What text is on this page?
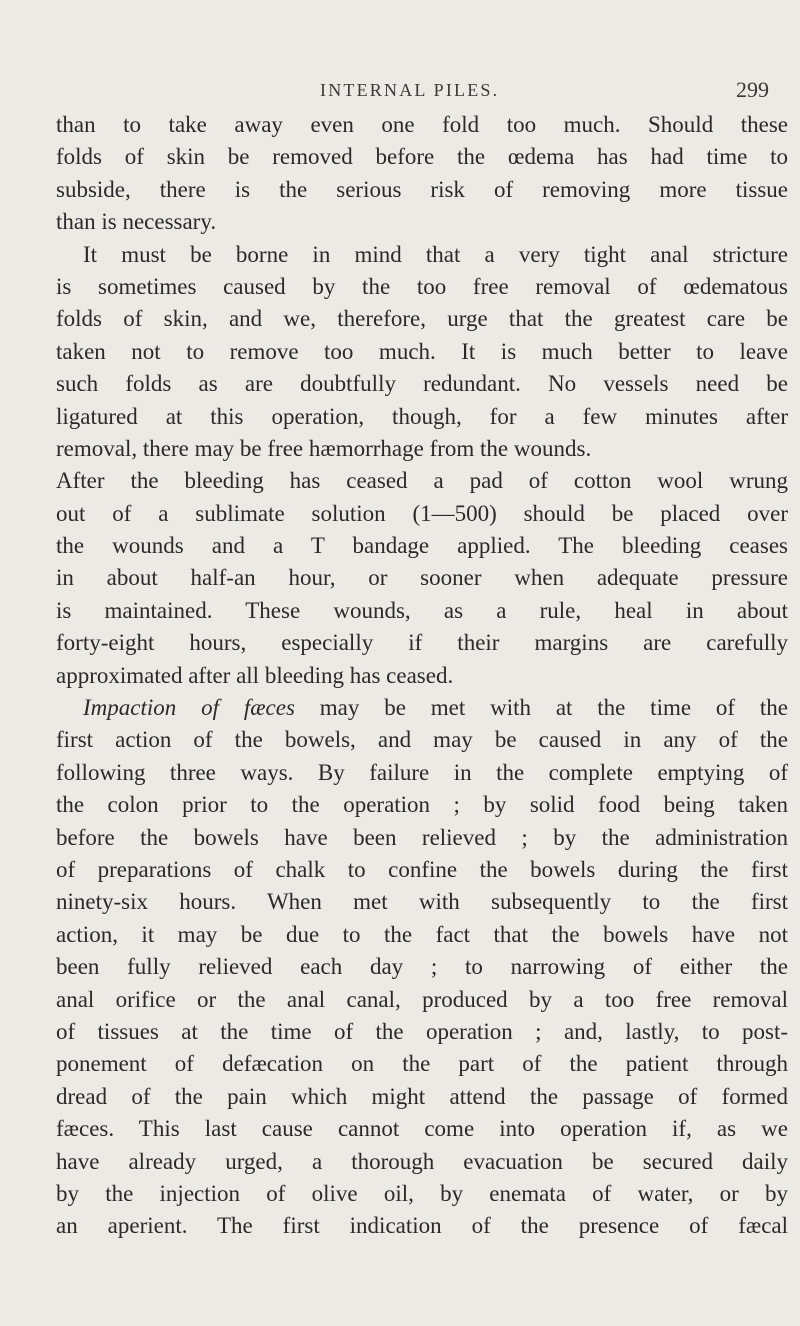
INTERNAL PILES.	299
than to take away even one fold too much. Should these
folds of skin be removed before the œdema has had time to
subside, there is the serious risk of removing more tissue
than is necessary.
It must be borne in mind that a very tight anal stricture
is sometimes caused by the too free removal of œdematous
folds of skin, and we, therefore, urge that the greatest care be
taken not to remove too much. It is much better to leave
such folds as are doubtfully redundant. No vessels need be
ligatured at this operation, though, for a few minutes after
removal, there may be free hæmorrhage from the wounds.
After the bleeding has ceased a pad of cotton wool wrung
out of a sublimate solution (1—500) should be placed over
the wounds and a T bandage applied. The bleeding ceases
in about half-an hour, or sooner when adequate pressure
is maintained. These wounds, as a rule, heal in about
forty-eight hours, especially if their margins are carefully
approximated after all bleeding has ceased.
Impaction of fæces may be met with at the time of the
first action of the bowels, and may be caused in any of the
following three ways. By failure in the complete emptying of
the colon prior to the operation ; by solid food being taken
before the bowels have been relieved ; by the administration
of preparations of chalk to confine the bowels during the first
ninety-six hours. When met with subsequently to the first
action, it may be due to the fact that the bowels have not
been fully relieved each day ; to narrowing of either the
anal orifice or the anal canal, produced by a too free removal
of tissues at the time of the operation ; and, lastly, to post-
ponement of defæcation on the part of the patient through
dread of the pain which might attend the passage of formed
fæces. This last cause cannot come into operation if, as we
have already urged, a thorough evacuation be secured daily
by the injection of olive oil, by enemata of water, or by
an aperient. The first indication of the presence of fæcal
